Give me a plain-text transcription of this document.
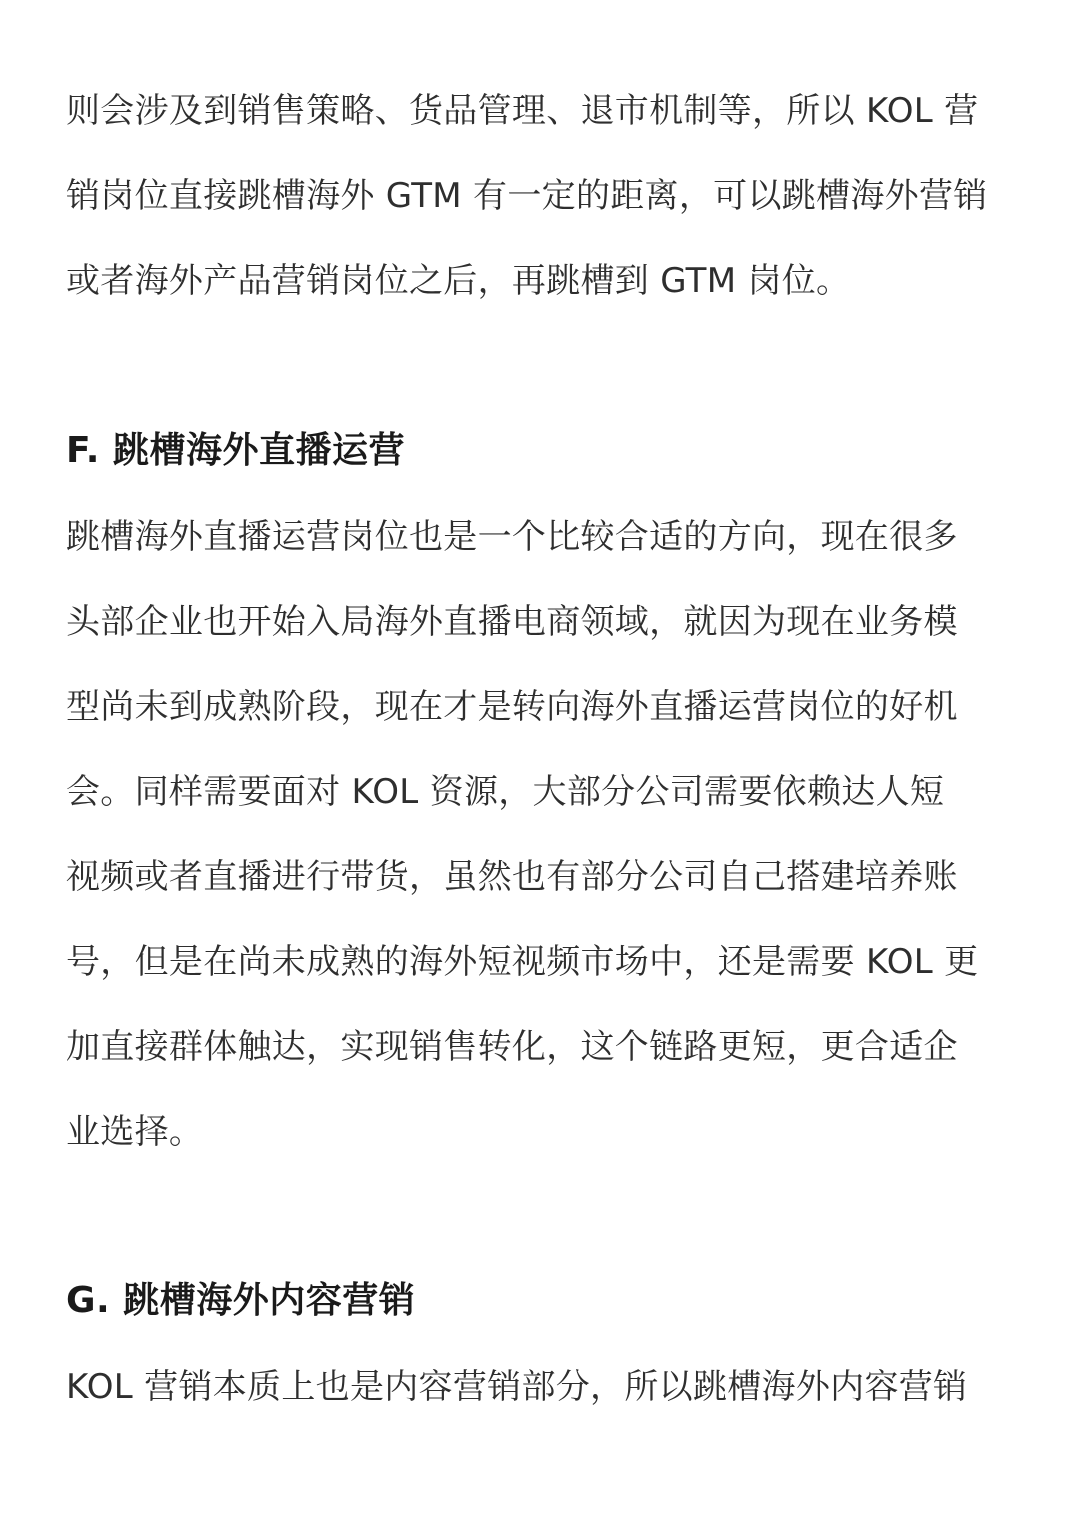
则会涉及到销售策略、货品管理、退市机制等，所以 KOL 营
销岗位直接跳槽海外 GTM 有一定的距离，可以跳槽海外营销
或者海外产品营销岗位之后，再跳槽到 GTM 岗位。
F. 跳槽海外直播运营
跳槽海外直播运营岗位也是一个比较合适的方向，现在很多
头部企业也开始入局海外直播电商领域，就因为现在业务模
型尚未到成熟阶段，现在才是转向海外直播运营岗位的好机
会。同样需要面对 KOL 资源，大部分公司需要依赖达人短
视频或者直播进行带货，虽然也有部分公司自己搭建培养账
号，但是在尚未成熟的海外短视频市场中，还是需要 KOL 更
加直接群体触达，实现销售转化，这个链路更短，更合适企
业选择。
G. 跳槽海外内容营销
KOL 营销本质上也是内容营销部分，所以跳槽海外内容营销
